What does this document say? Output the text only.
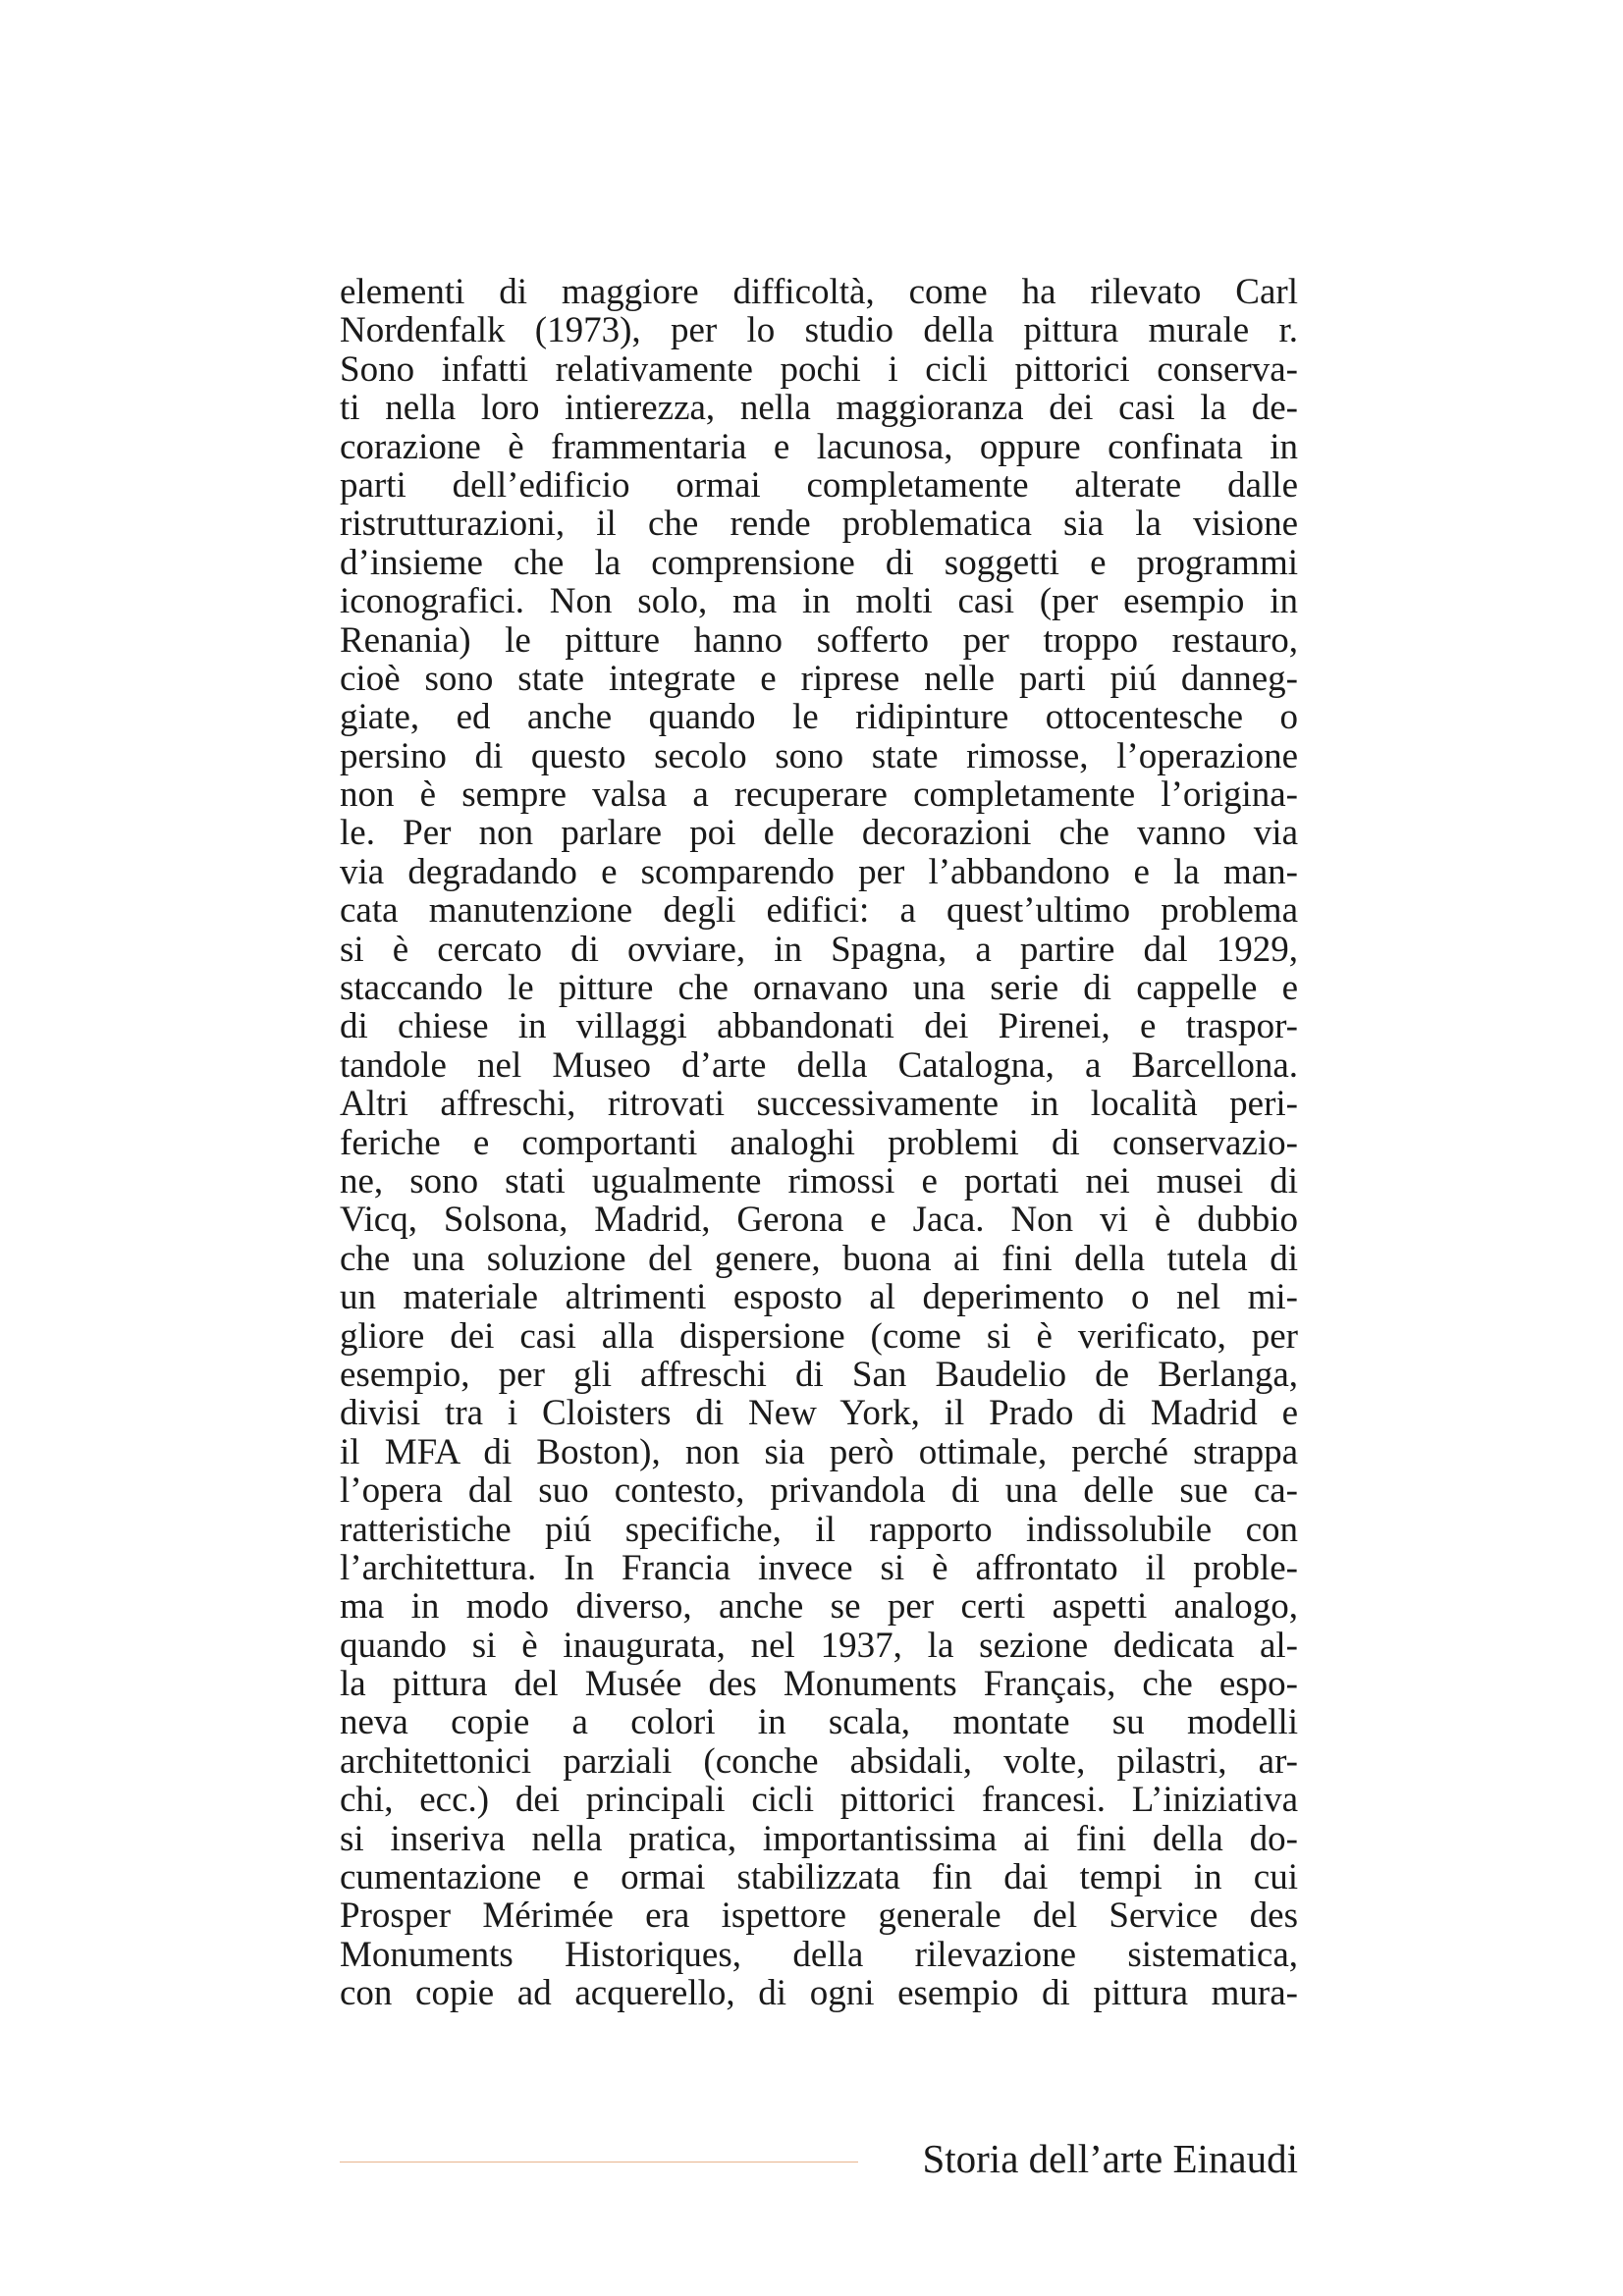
elementi di maggiore difficoltà, come ha rilevato Carl
Nordenfalk (1973), per lo studio della pittura murale r.
Sono infatti relativamente pochi i cicli pittorici conserva-
ti nella loro intierezza, nella maggioranza dei casi la de-
corazione è frammentaria e lacunosa, oppure confinata in
parti dell’edificio ormai completamente alterate dalle
ristrutturazioni, il che rende problematica sia la visione
d’insieme che la comprensione di soggetti e programmi
iconografici. Non solo, ma in molti casi (per esempio in
Renania) le pitture hanno sofferto per troppo restauro,
cioè sono state integrate e riprese nelle parti piú danneg-
giate, ed anche quando le ridipinture ottocentesche o
persino di questo secolo sono state rimosse, l’operazione
non è sempre valsa a recuperare completamente l’origina-
le. Per non parlare poi delle decorazioni che vanno via
via degradando e scomparendo per l’abbandono e la man-
cata manutenzione degli edifici: a quest’ultimo problema
si è cercato di ovviare, in Spagna, a partire dal 1929,
staccando le pitture che ornavano una serie di cappelle e
di chiese in villaggi abbandonati dei Pirenei, e traspor-
tandole nel Museo d’arte della Catalogna, a Barcellona.
Altri affreschi, ritrovati successivamente in località peri-
feriche e comportanti analoghi problemi di conservazio-
ne, sono stati ugualmente rimossi e portati nei musei di
Vicq, Solsona, Madrid, Gerona e Jaca. Non vi è dubbio
che una soluzione del genere, buona ai fini della tutela di
un materiale altrimenti esposto al deperimento o nel mi-
gliore dei casi alla dispersione (come si è verificato, per
esempio, per gli affreschi di San Baudelio de Berlanga,
divisi tra i Cloisters di New York, il Prado di Madrid e
il MFA di Boston), non sia però ottimale, perché strappa
l’opera dal suo contesto, privandola di una delle sue ca-
ratteristiche piú specifiche, il rapporto indissolubile con
l’architettura. In Francia invece si è affrontato il proble-
ma in modo diverso, anche se per certi aspetti analogo,
quando si è inaugurata, nel 1937, la sezione dedicata al-
la pittura del Musée des Monuments Français, che espo-
neva copie a colori in scala, montate su modelli
architettonici parziali (conche absidali, volte, pilastri, ar-
chi, ecc.) dei principali cicli pittorici francesi. L’iniziativa
si inseriva nella pratica, importantissima ai fini della do-
cumentazione e ormai stabilizzata fin dai tempi in cui
Prosper Mérimée era ispettore generale del Service des
Monuments Historiques, della rilevazione sistematica,
con copie ad acquerello, di ogni esempio di pittura mura-
Storia dell’arte Einaudi
